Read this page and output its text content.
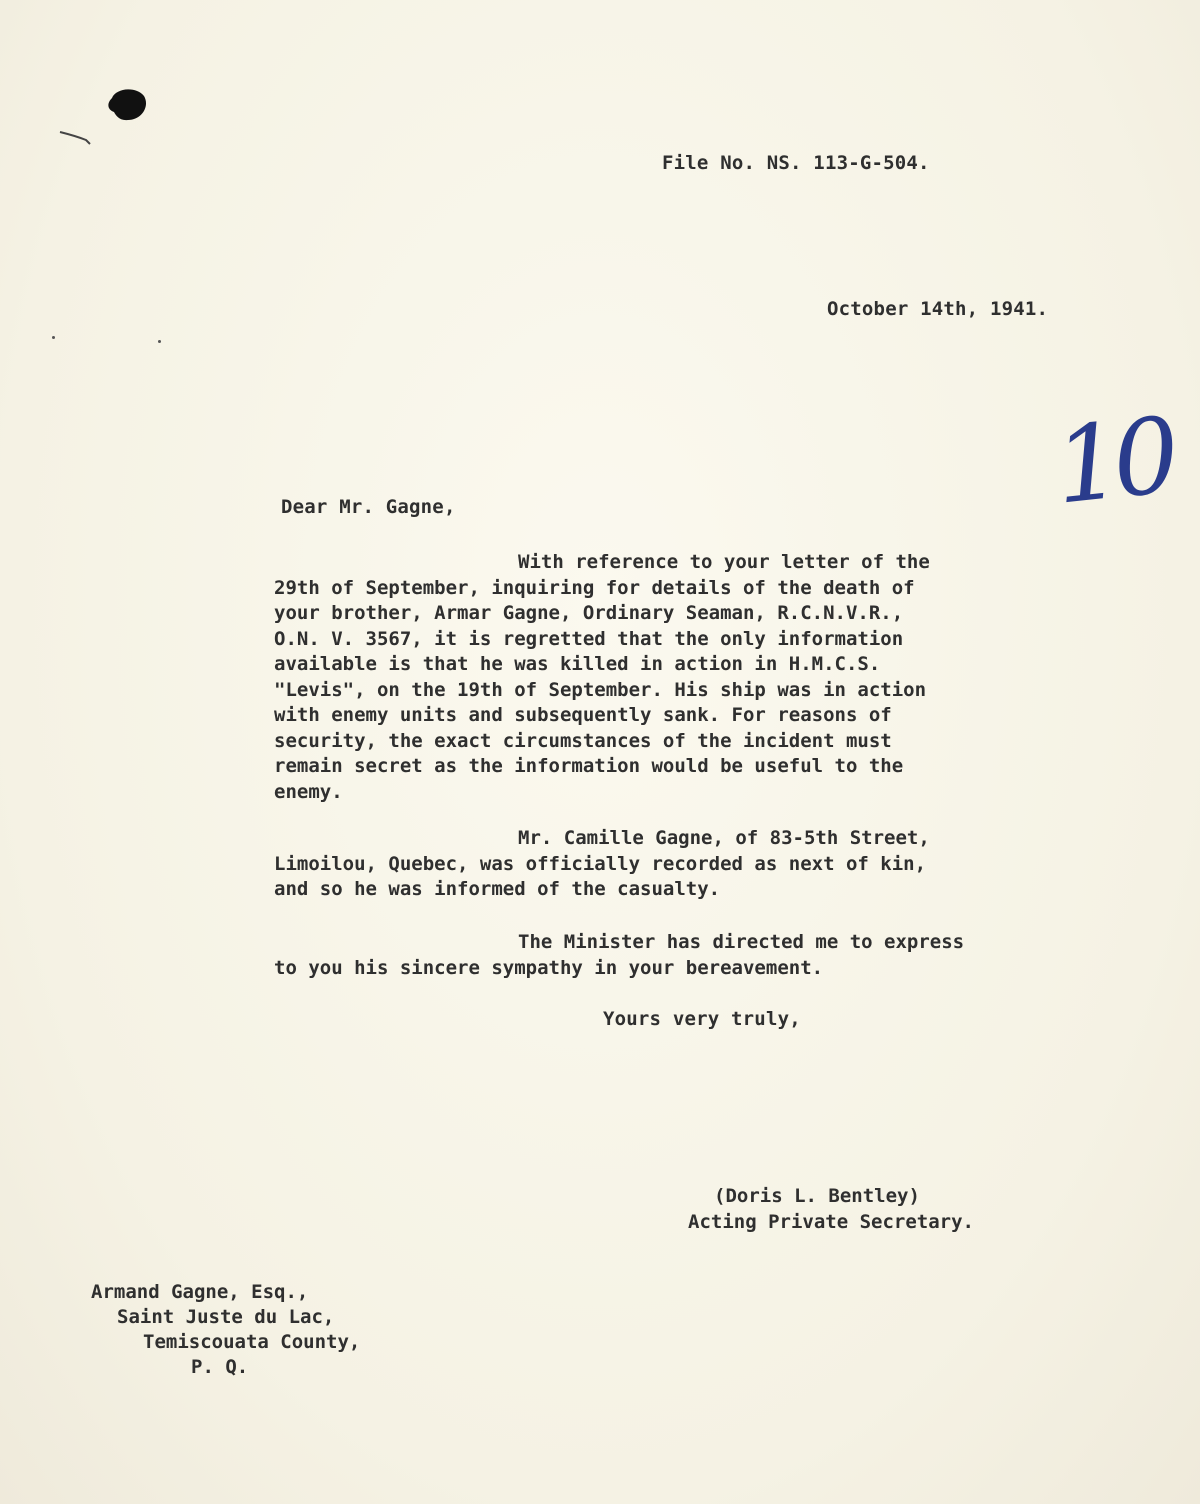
File No. NS. 113-G-504.

October 14th, 1941.

10

Dear Mr. Gagne,

With reference to your letter of the
29th of September, inquiring for details of the death of
your brother, Armar Gagne, Ordinary Seaman, R.C.N.V.R.,
O.N. V. 3567, it is regretted that the only information
available is that he was killed in action in H.M.C.S.
"Levis", on the 19th of September. His ship was in action
with enemy units and subsequently sank. For reasons of
security, the exact circumstances of the incident must
remain secret as the information would be useful to the
enemy.
Mr. Camille Gagne, of 83-5th Street,
Limoilou, Quebec, was officially recorded as next of kin,
and so he was informed of the casualty.
The Minister has directed me to express
to you his sincere sympathy in your bereavement.

Yours very truly,

(Doris L. Bentley)
Acting Private Secretary.
Armand Gagne, Esq.,
Saint Juste du Lac,
Temiscouata County,
P. Q.
